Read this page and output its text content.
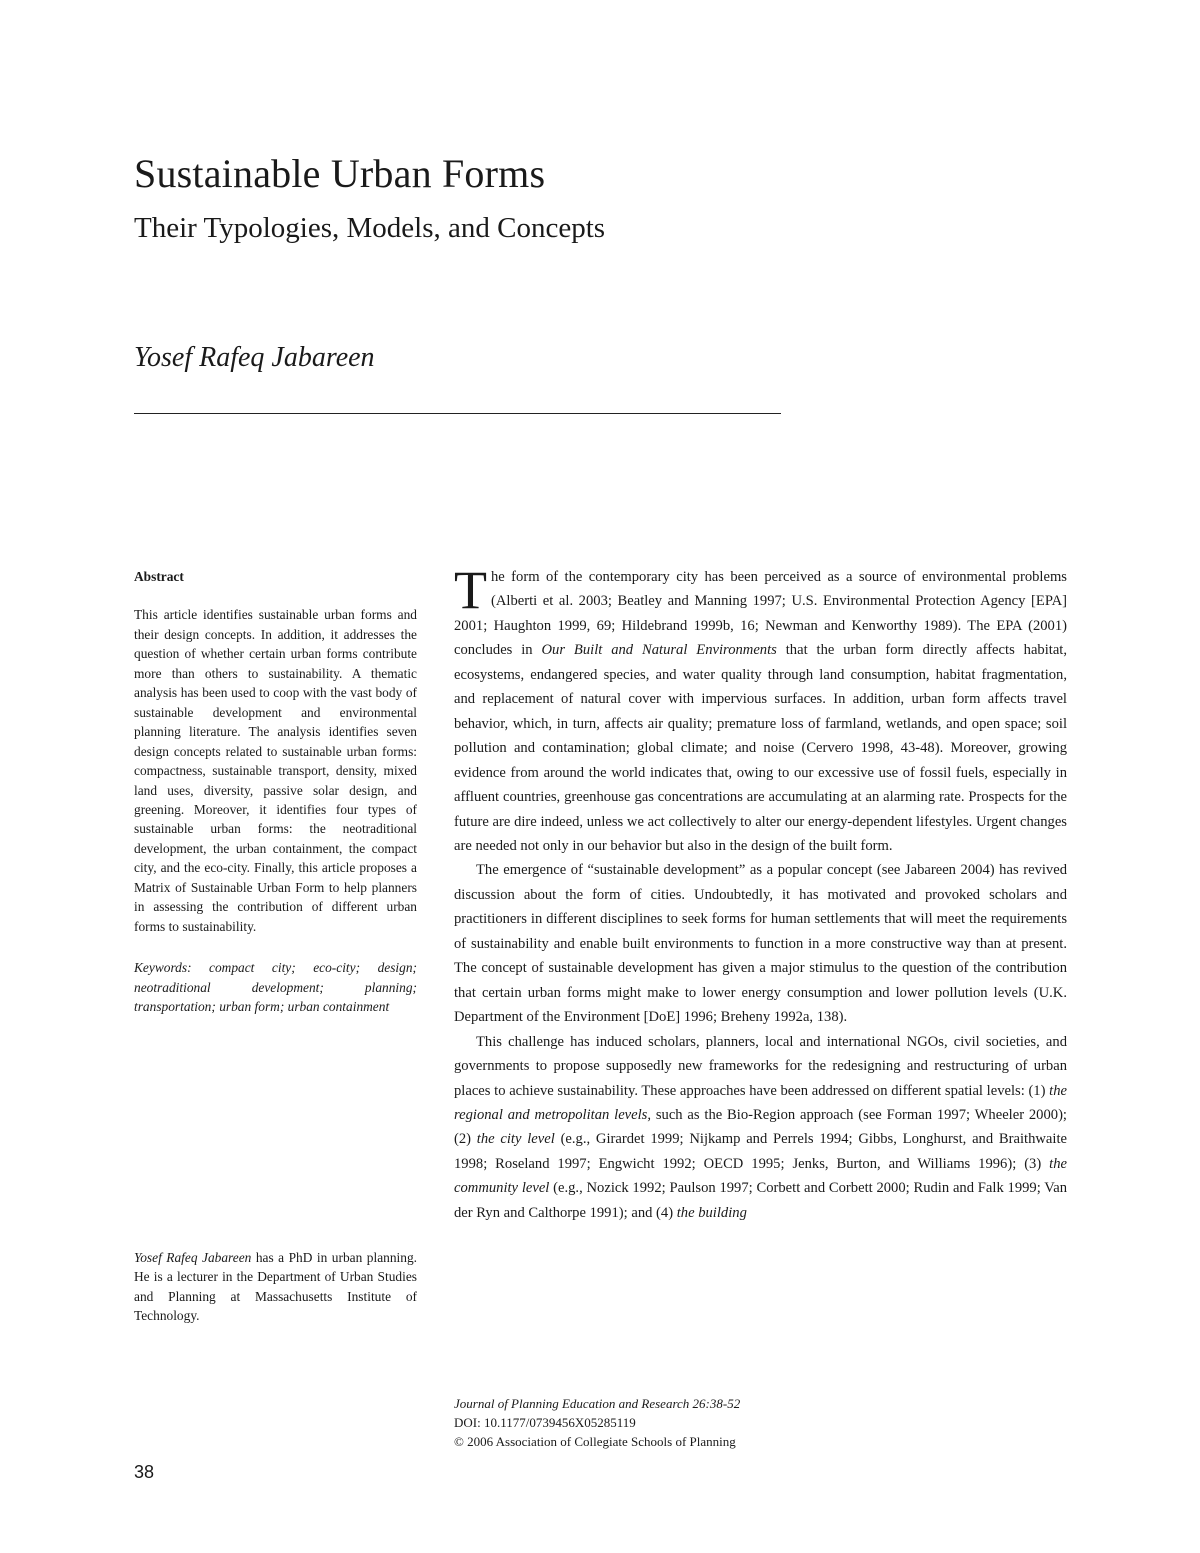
Sustainable Urban Forms
Their Typologies, Models, and Concepts
Yosef Rafeq Jabareen
Abstract

This article identifies sustainable urban forms and their design concepts. In addition, it addresses the question of whether certain urban forms contribute more than others to sustainability. A thematic analysis has been used to coop with the vast body of sustainable development and environmental planning literature. The analysis identifies seven design concepts related to sustainable urban forms: compactness, sustainable transport, density, mixed land uses, diversity, passive solar design, and greening. Moreover, it identifies four types of sustainable urban forms: the neotraditional development, the urban containment, the compact city, and the eco-city. Finally, this article proposes a Matrix of Sustainable Urban Form to help planners in assessing the contribution of different urban forms to sustainability.

Keywords: compact city; eco-city; design; neotraditional development; planning; transportation; urban form; urban containment

Yosef Rafeq Jabareen has a PhD in urban planning. He is a lecturer in the Department of Urban Studies and Planning at Massachusetts Institute of Technology.

The form of the contemporary city has been perceived as a source of environmental problems (Alberti et al. 2003; Beatley and Manning 1997; U.S. Environmental Protection Agency [EPA] 2001; Haughton 1999, 69; Hildebrand 1999b, 16; Newman and Kenworthy 1989). The EPA (2001) concludes in Our Built and Natural Environments that the urban form directly affects habitat, ecosystems, endangered species, and water quality through land consumption, habitat fragmentation, and replacement of natural cover with impervious surfaces. In addition, urban form affects travel behavior, which, in turn, affects air quality; premature loss of farmland, wetlands, and open space; soil pollution and contamination; global climate; and noise (Cervero 1998, 43-48). Moreover, growing evidence from around the world indicates that, owing to our excessive use of fossil fuels, especially in affluent countries, greenhouse gas concentrations are accumulating at an alarming rate. Prospects for the future are dire indeed, unless we act collectively to alter our energy-dependent lifestyles. Urgent changes are needed not only in our behavior but also in the design of the built form.

The emergence of “sustainable development” as a popular concept (see Jabareen 2004) has revived discussion about the form of cities. Undoubtedly, it has motivated and provoked scholars and practitioners in different disciplines to seek forms for human settlements that will meet the requirements of sustainability and enable built environments to function in a more constructive way than at present. The concept of sustainable development has given a major stimulus to the question of the contribution that certain urban forms might make to lower energy consumption and lower pollution levels (U.K. Department of the Environment [DoE] 1996; Breheny 1992a, 138).

This challenge has induced scholars, planners, local and international NGOs, civil societies, and governments to propose supposedly new frameworks for the redesigning and restructuring of urban places to achieve sustainability. These approaches have been addressed on different spatial levels: (1) the regional and metropolitan levels, such as the Bio-Region approach (see Forman 1997; Wheeler 2000); (2) the city level (e.g., Girardet 1999; Nijkamp and Perrels 1994; Gibbs, Longhurst, and Braithwaite 1998; Roseland 1997; Engwicht 1992; OECD 1995; Jenks, Burton, and Williams 1996); (3) the community level (e.g., Nozick 1992; Paulson 1997; Corbett and Corbett 2000; Rudin and Falk 1999; Van der Ryn and Calthorpe 1991); and (4) the building

Journal of Planning Education and Research 26:38-52
DOI: 10.1177/0739456X05285119
© 2006 Association of Collegiate Schools of Planning
38
